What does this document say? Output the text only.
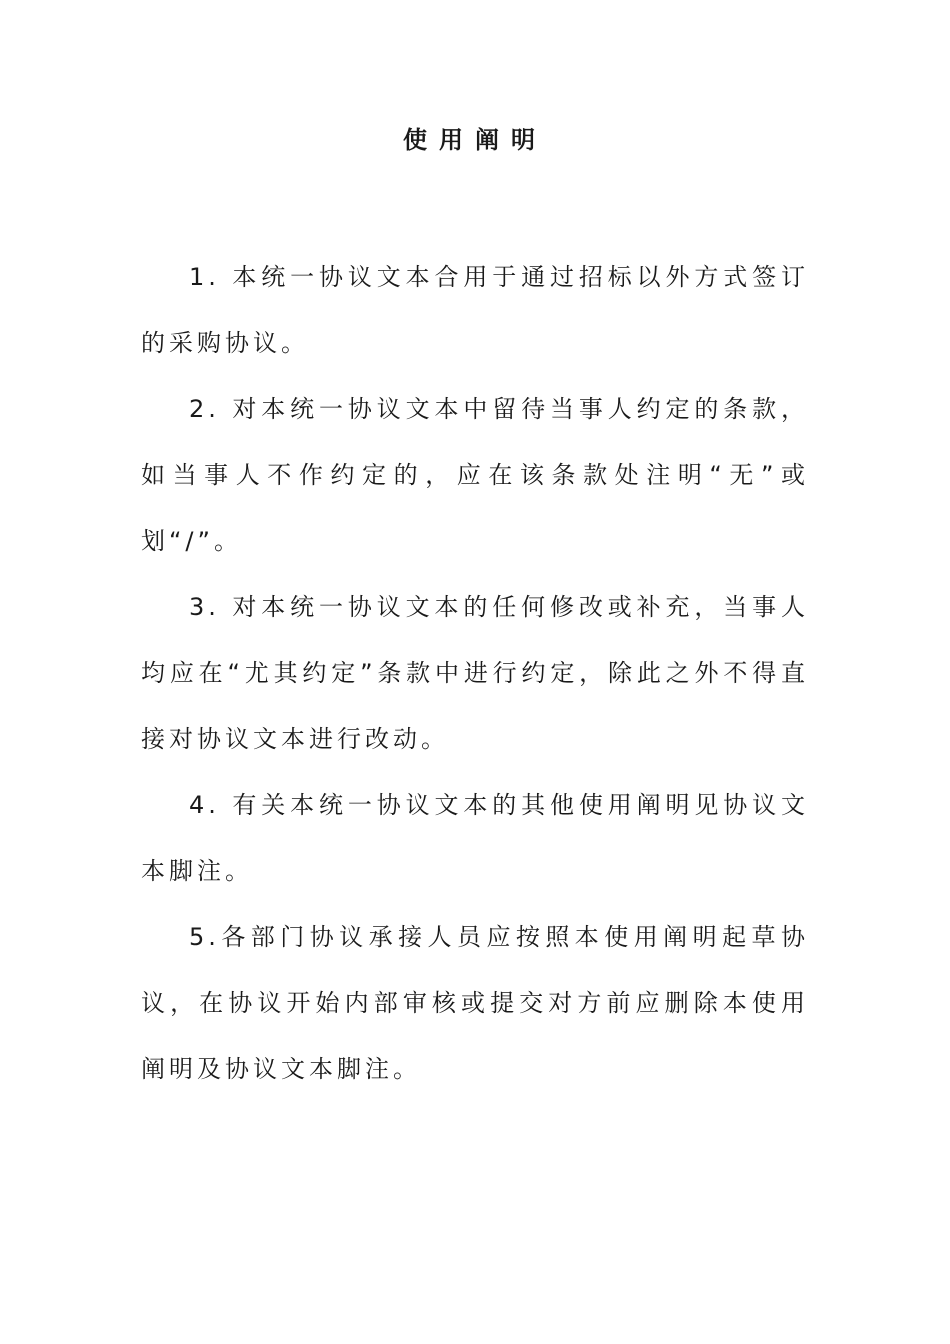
使用阐明

1. 本统一协议文本合用于通过招标以外方式签订的采购协议。

2. 对本统一协议文本中留待当事人约定的条款，如当事人不作约定的，应在该条款处注明“无”或划“/”。

3. 对本统一协议文本的任何修改或补充，当事人均应在“尤其约定”条款中进行约定，除此之外不得直接对协议文本进行改动。

4. 有关本统一协议文本的其他使用阐明见协议文本脚注。

5.各部门协议承接人员应按照本使用阐明起草协议，在协议开始内部审核或提交对方前应删除本使用阐明及协议文本脚注。
